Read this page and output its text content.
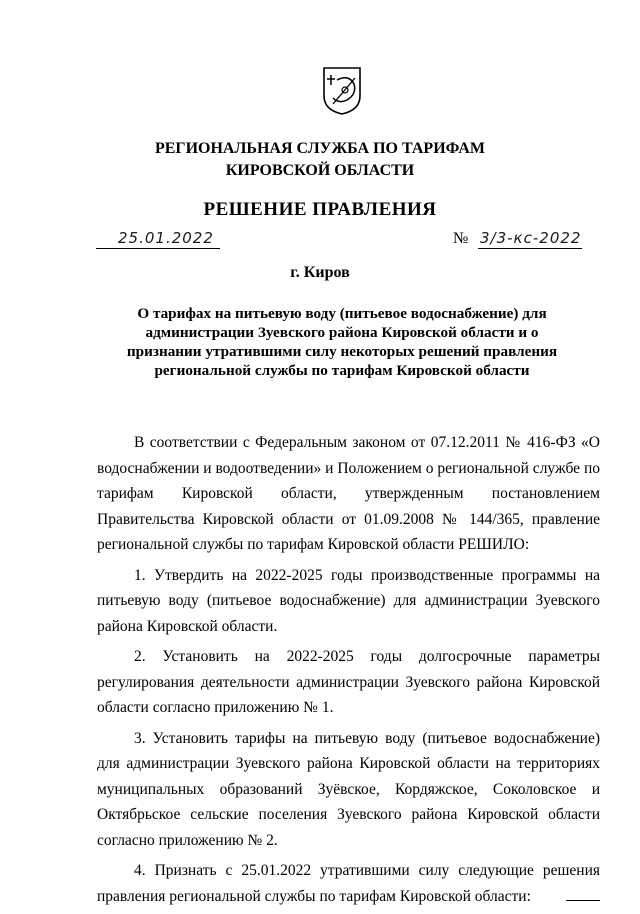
РЕГИОНАЛЬНАЯ СЛУЖБА ПО ТАРИФАМ
КИРОВСКОЙ ОБЛАСТИ
РЕШЕНИЕ ПРАВЛЕНИЯ
25.01.2022	№ 3/3-кс-2022
г. Киров
О тарифах на питьевую воду (питьевое водоснабжение) для
администрации Зуевского района Кировской области и о
признании утратившими силу некоторых решений правления
региональной службы по тарифам Кировской области

В соответствии с Федеральным законом от 07.12.2011 № 416-ФЗ «О водоснабжении и водоотведении» и Положением о региональной службе по тарифам Кировской области, утвержденным постановлением Правительства Кировской области от 01.09.2008 № 144/365, правление региональной службы по тарифам Кировской области РЕШИЛО:

1. Утвердить на 2022-2025 годы производственные программы на питьевую воду (питьевое водоснабжение) для администрации Зуевского района Кировской области.

2. Установить на 2022-2025 годы долгосрочные параметры регулирования деятельности администрации Зуевского района Кировской области согласно приложению № 1.

3. Установить тарифы на питьевую воду (питьевое водоснабжение) для администрации Зуевского района Кировской области на территориях муниципальных образований Зуёвское, Кордяжское, Соколовское и Октябрьское сельские поселения Зуевского района Кировской области согласно приложению № 2.

4. Признать с 25.01.2022 утратившими силу следующие решения правления региональной службы по тарифам Кировской области:
